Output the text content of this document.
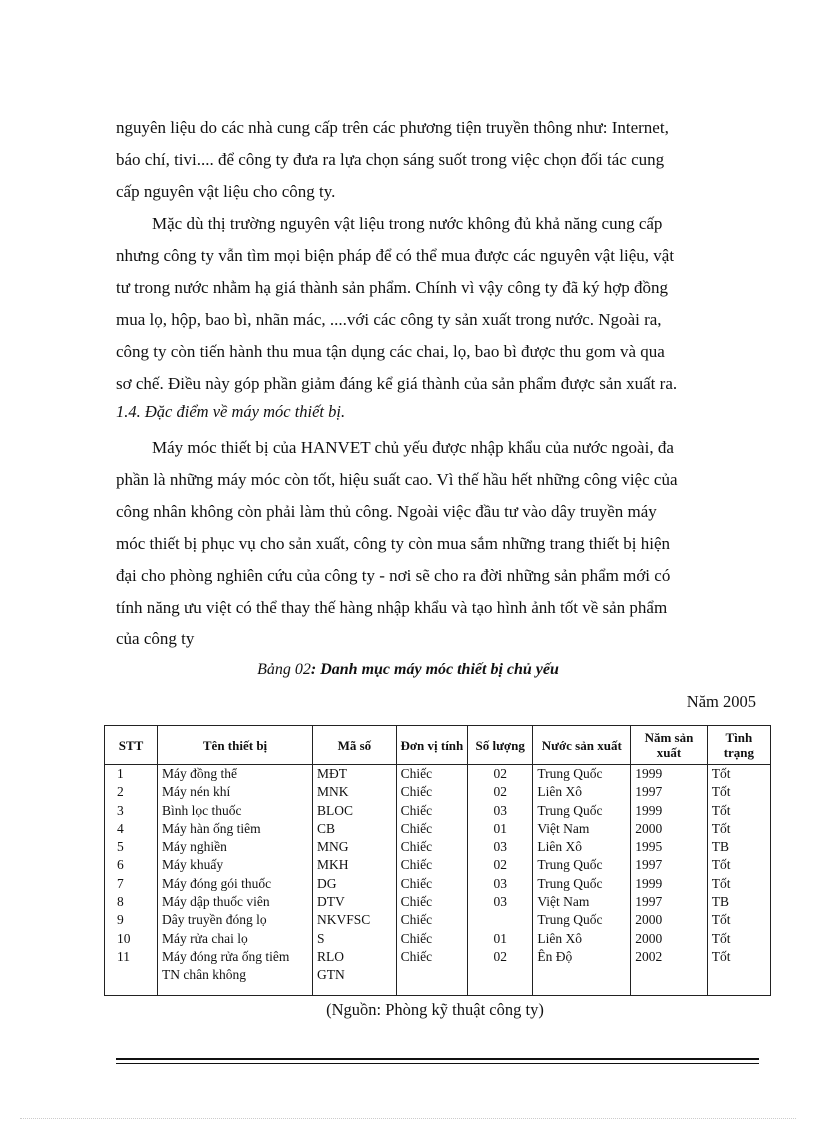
nguyên liệu do các nhà cung cấp trên các phương tiện truyền thông như: Internet,
báo chí, tivi.... để công ty đưa ra lựa chọn sáng suốt trong việc chọn đối tác cung
cấp nguyên vật liệu cho công ty.

Mặc dù thị trường nguyên vật liệu trong nước không đủ khả năng cung cấp
nhưng công ty vẫn tìm mọi biện pháp để có thể mua được các nguyên vật liệu, vật
tư trong nước nhằm hạ giá thành sản phẩm. Chính vì vậy công ty đã ký hợp đồng
mua lọ, hộp, bao bì, nhãn mác, ....với các công ty sản xuất trong nước. Ngoài ra,
công ty còn tiến hành thu mua tận dụng các chai, lọ, bao bì được thu gom và qua
sơ chế. Điều này góp phần giảm đáng kể giá thành của sản phẩm được sản xuất ra.

1.4. Đặc điểm về máy móc thiết bị.

Máy móc thiết bị của HANVET chủ yếu được nhập khẩu của nước ngoài, đa
phần là những máy móc còn tốt, hiệu suất cao. Vì thế hầu hết những công việc của
công nhân không còn phải làm thủ công. Ngoài việc đầu tư vào dây truyền máy
móc thiết bị phục vụ cho sản xuất, công ty còn mua sắm những trang thiết bị hiện
đại cho phòng nghiên cứu của công ty - nơi sẽ cho ra đời những sản phẩm mới có
tính năng ưu việt có thể thay thế hàng nhập khẩu và tạo hình ảnh tốt về sản phẩm
của công ty

Bảng 02: Danh mục máy móc thiết bị chủ yếu

Năm 2005

STT	Tên thiết bị	Mã số	Đơn vị tính	Số lượng	Nước sản xuất	Năm sản xuất	Tình trạng
1	Máy đồng thể	MĐT	Chiếc	02	Trung Quốc	1999	Tốt
2	Máy nén khí	MNK	Chiếc	02	Liên Xô	1997	Tốt
3	Bình lọc thuốc	BLOC	Chiếc	03	Trung Quốc	1999	Tốt
4	Máy hàn ống tiêm	CB	Chiếc	01	Việt Nam	2000	Tốt
5	Máy nghiền	MNG	Chiếc	03	Liên Xô	1995	TB
6	Máy khuấy	MKH	Chiếc	02	Trung Quốc	1997	Tốt
7	Máy đóng gói thuốc	DG	Chiếc	03	Trung Quốc	1999	Tốt
8	Máy dập thuốc viên	DTV	Chiếc	03	Việt Nam	1997	TB
9	Dây truyền đóng lọ	NKVFSC	Chiếc		Trung Quốc	2000	Tốt
10	Máy rửa chai lọ	S	Chiếc	01	Liên Xô	2000	Tốt
11	Máy đóng rửa ống tiêm TN chân không	RLO GTN	Chiếc	02	Ên Độ	2002	Tốt

(Nguồn: Phòng kỹ thuật công ty)
